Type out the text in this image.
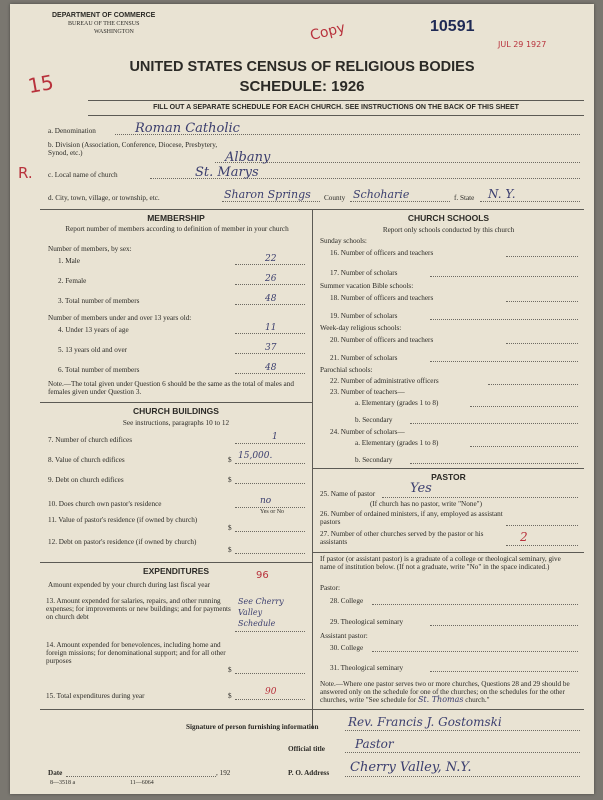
DEPARTMENT OF COMMERCE
BUREAU OF THE CENSUS
WASHINGTON	Copy	10591
JUL 29 1927
15
UNITED STATES CENSUS OF RELIGIOUS BODIES
SCHEDULE: 1926
FILL OUT A SEPARATE SCHEDULE FOR EACH CHURCH. SEE INSTRUCTIONS ON THE BACK OF THIS SHEET
a. Denomination	Roman Catholic
b. Division (Association, Conference, Diocese, Presbytery, Synod, etc.)	Albany
R. c. Local name of church	St. Marys
d. City, town, village, or township, etc.	Sharon Springs County Schoharie	f. State N. Y.
MEMBERSHIP
Report number of members according to definition of member in your church
Number of members, by sex:
1. Male	22
2. Female	26
3. Total number of members	48
Number of members under and over 13 years old:
4. Under 13 years of age	11
5. 13 years old and over	37
6. Total number of members	48
Note.—The total given under Question 6 should be the same as the total of males and females given under Question 3.
CHURCH BUILDINGS
See instructions, paragraphs 10 to 12
7. Number of church edifices	1
8. Value of church edifices	$ 15,000.
9. Debt on church edifices	$
10. Does church own pastor's residence	no
Yes or No
11. Value of pastor's residence (if owned by church)
$
12. Debt on pastor's residence (if owned by church)
$
EXPENDITURES
Amount expended by your church during last fiscal year
96
13. Amount expended for salaries, repairs, and other running expenses; for improvements or new buildings; and for payments on church debt
See Cherry Valley Schedule
14. Amount expended for benevolences, including home and foreign missions; for denominational support; and for all other purposes
$
15. Total expenditures during year	$	90
CHURCH SCHOOLS
Report only schools conducted by this church
Sunday schools:
16. Number of officers and teachers
17. Number of scholars
Summer vacation Bible schools:
18. Number of officers and teachers
19. Number of scholars
Week-day religious schools:
20. Number of officers and teachers
21. Number of scholars
Parochial schools:
22. Number of administrative officers
23. Number of teachers—
a. Elementary (grades 1 to 8)
b. Secondary
24. Number of scholars—
a. Elementary (grades 1 to 8)
b. Secondary
PASTOR
25. Name of pastor	Yes
(If church has no pastor, write "None")
26. Number of ordained ministers, if any, employed as assistant pastors
27. Number of other churches served by the pastor or his assistants	2
If pastor (or assistant pastor) is a graduate of a college or theological seminary, give name of institution below. (If not a graduate, write "No" in the space indicated.)
Pastor:
28. College
29. Theological seminary
Assistant pastor:
30. College
31. Theological seminary
Note.—Where one pastor serves two or more churches, Questions 28 and 29 should be answered only on the schedule for one of the churches; on the schedules for the other churches, write "See schedule for St. Thomas church."
Signature of person furnishing information Rev. Francis J. Gostomski
Official title	Pastor
Date	, 192
8—3518 a	11—6064
P. O. Address Cherry Valley, N.Y.
